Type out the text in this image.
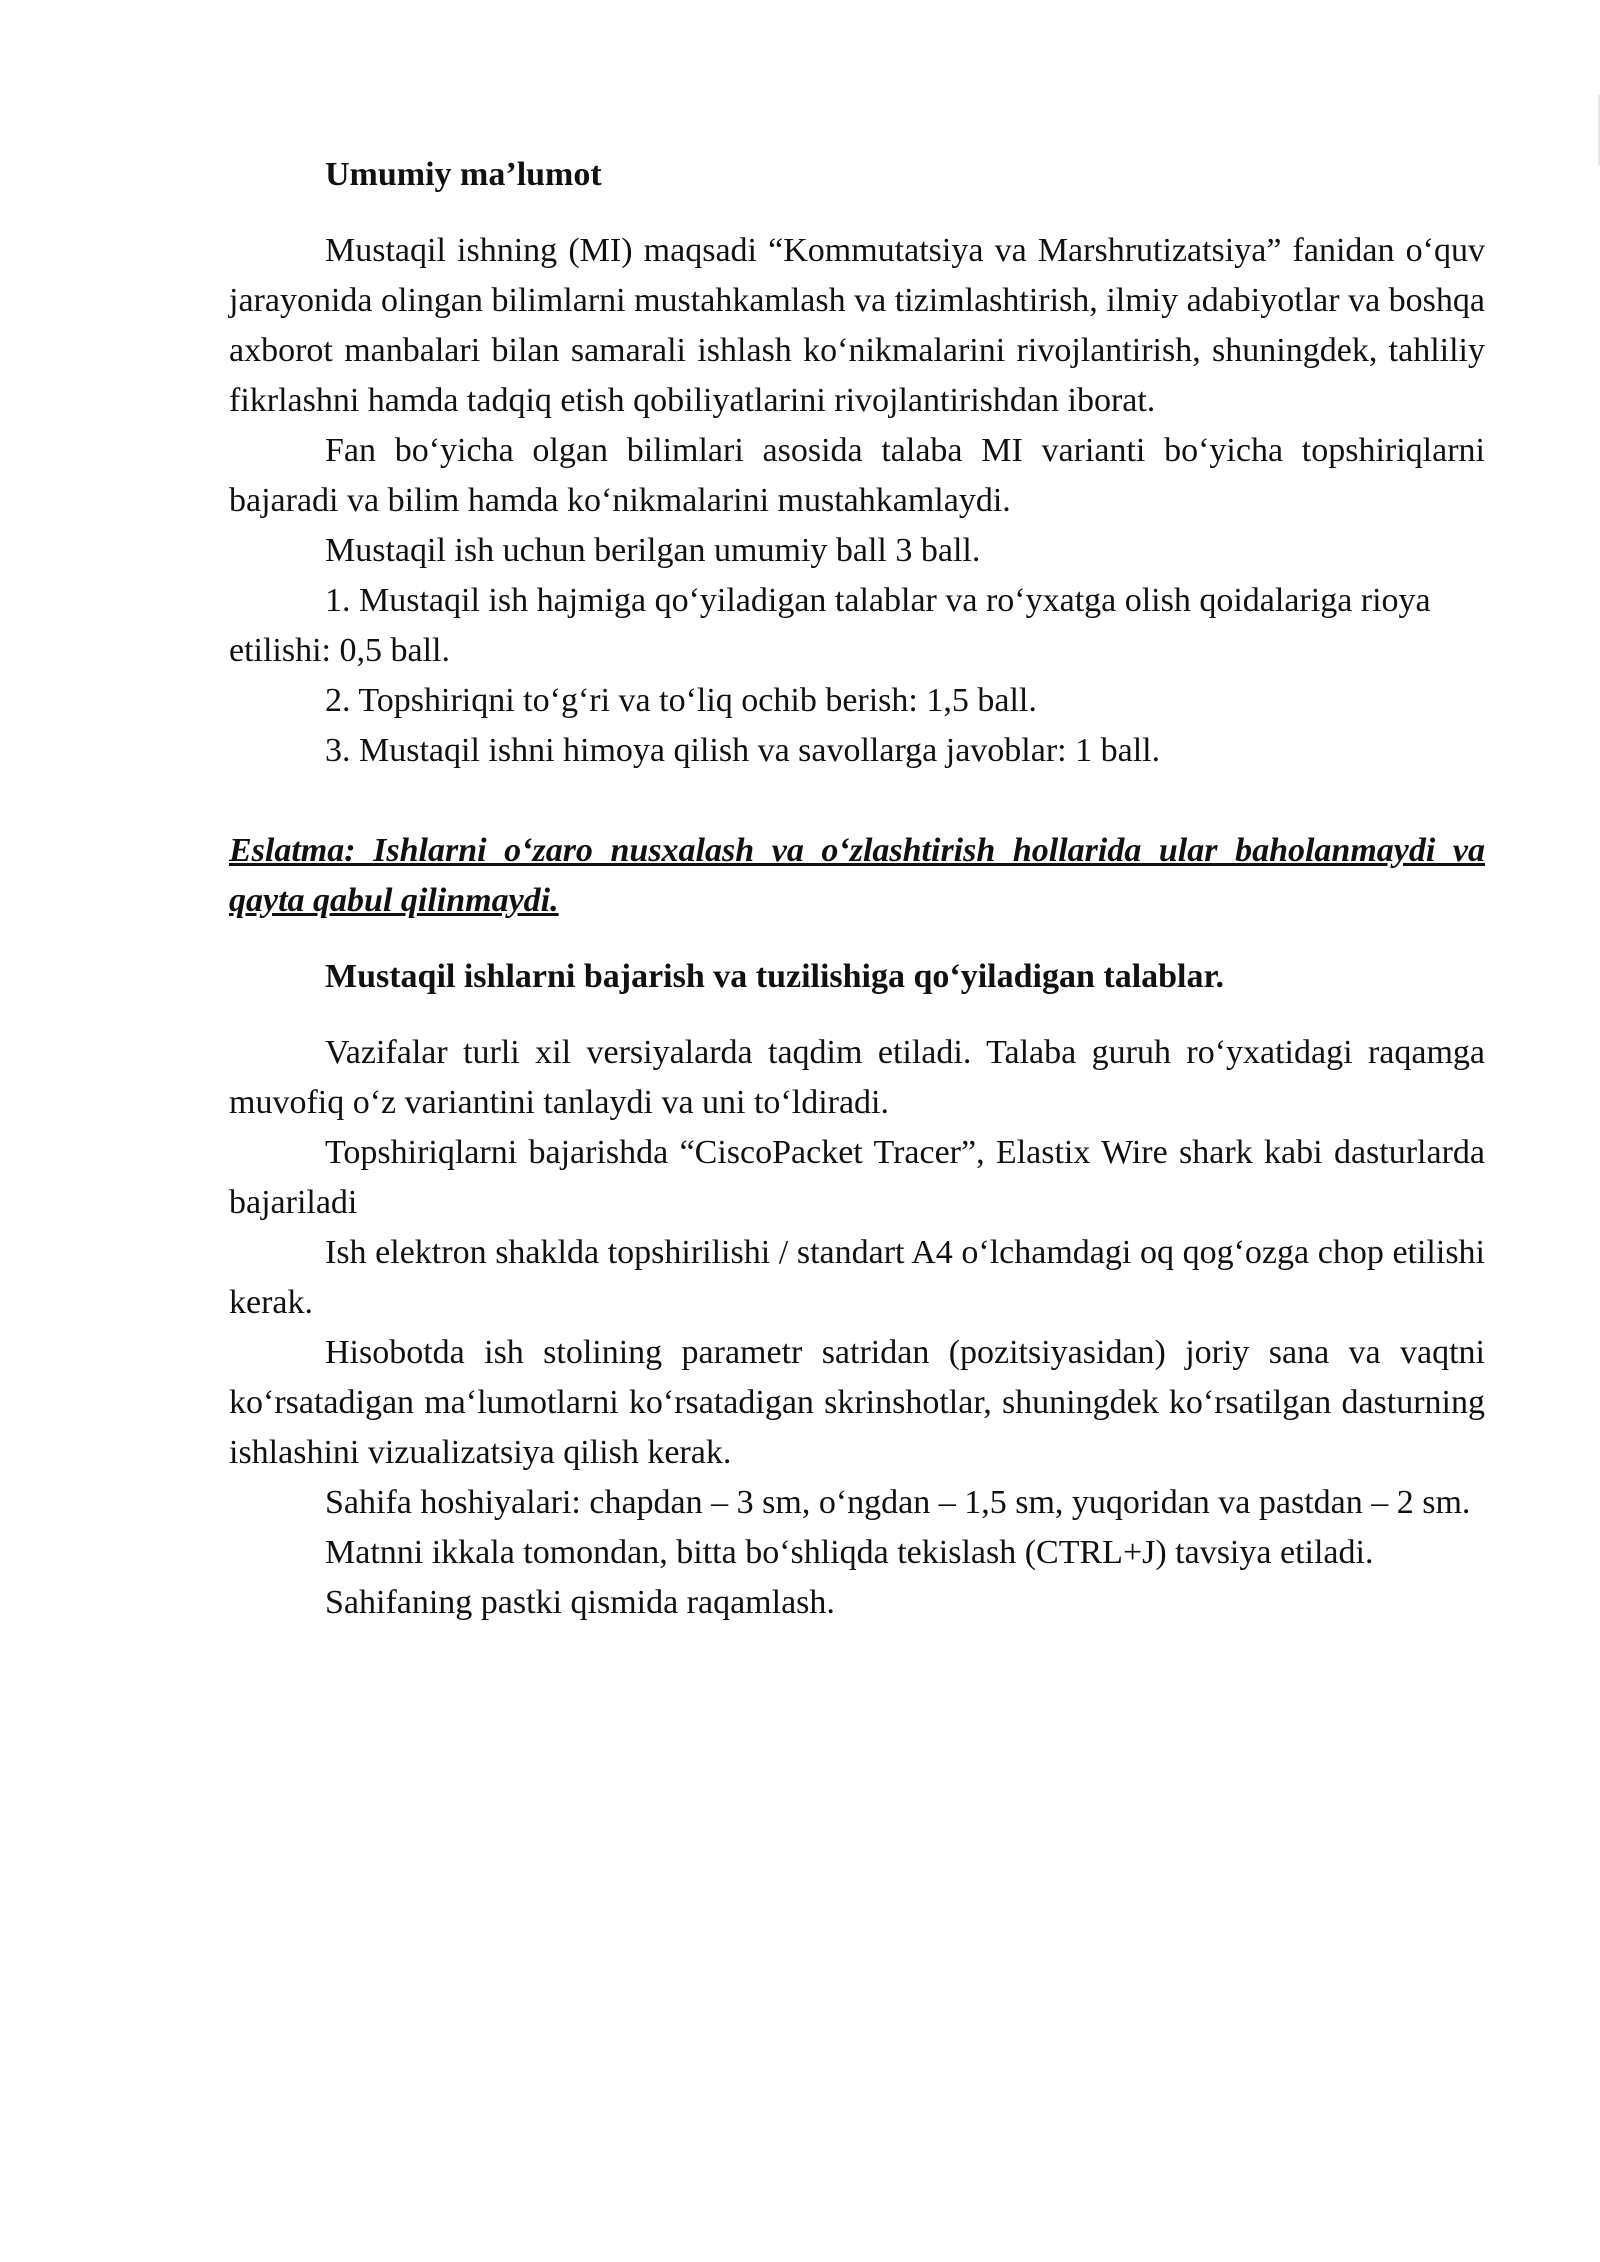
Umumiy ma’lumot

Mustaqil ishning (MI) maqsadi “Kommutatsiya va Marshrutizatsiya” fanidan o‘quv jarayonida olingan bilimlarni mustahkamlash va tizimlashtirish, ilmiy adabiyotlar va boshqa axborot manbalari bilan samarali ishlash ko‘nikmalarini rivojlantirish, shuningdek, tahliliy fikrlashni hamda tadqiq etish qobiliyatlarini rivojlantirishdan iborat.

Fan bo‘yicha olgan bilimlari asosida talaba MI varianti bo‘yicha topshiriqlarni bajaradi va bilim hamda ko‘nikmalarini mustahkamlaydi.

Mustaqil ish uchun berilgan umumiy ball 3 ball.

1. Mustaqil ish hajmiga qo‘yiladigan talablar va ro‘yxatga olish qoidalariga rioya etilishi: 0,5 ball.

2. Topshiriqni to‘g‘ri va to‘liq ochib berish: 1,5 ball.

3. Mustaqil ishni himoya qilish va savollarga javoblar: 1 ball.

Eslatma: Ishlarni o‘zaro nusxalash va o‘zlashtirish hollarida ular baholanmaydi va qayta qabul qilinmaydi.

Mustaqil ishlarni bajarish va tuzilishiga qo‘yiladigan talablar.

Vazifalar turli xil versiyalarda taqdim etiladi. Talaba guruh ro‘yxatidagi raqamga muvofiq o‘z variantini tanlaydi va uni to‘ldiradi.

Topshiriqlarni bajarishda “CiscoPacket Tracer”, Elastix Wire shark kabi dasturlarda bajariladi

Ish elektron shaklda topshirilishi / standart A4 o‘lchamdagi oq qog‘ozga chop etilishi kerak.

Hisobotda ish stolining parametr satridan (pozitsiyasidan) joriy sana va vaqtni ko‘rsatadigan ma‘lumotlarni ko‘rsatadigan skrinshotlar, shuningdek ko‘rsatilgan dasturning ishlashini vizualizatsiya qilish kerak.

Sahifa hoshiyalari: chapdan – 3 sm, o‘ngdan – 1,5 sm, yuqoridan va pastdan – 2 sm.

Matnni ikkala tomondan, bitta bo‘shliqda tekislash (CTRL+J) tavsiya etiladi.

Sahifaning pastki qismida raqamlash.
